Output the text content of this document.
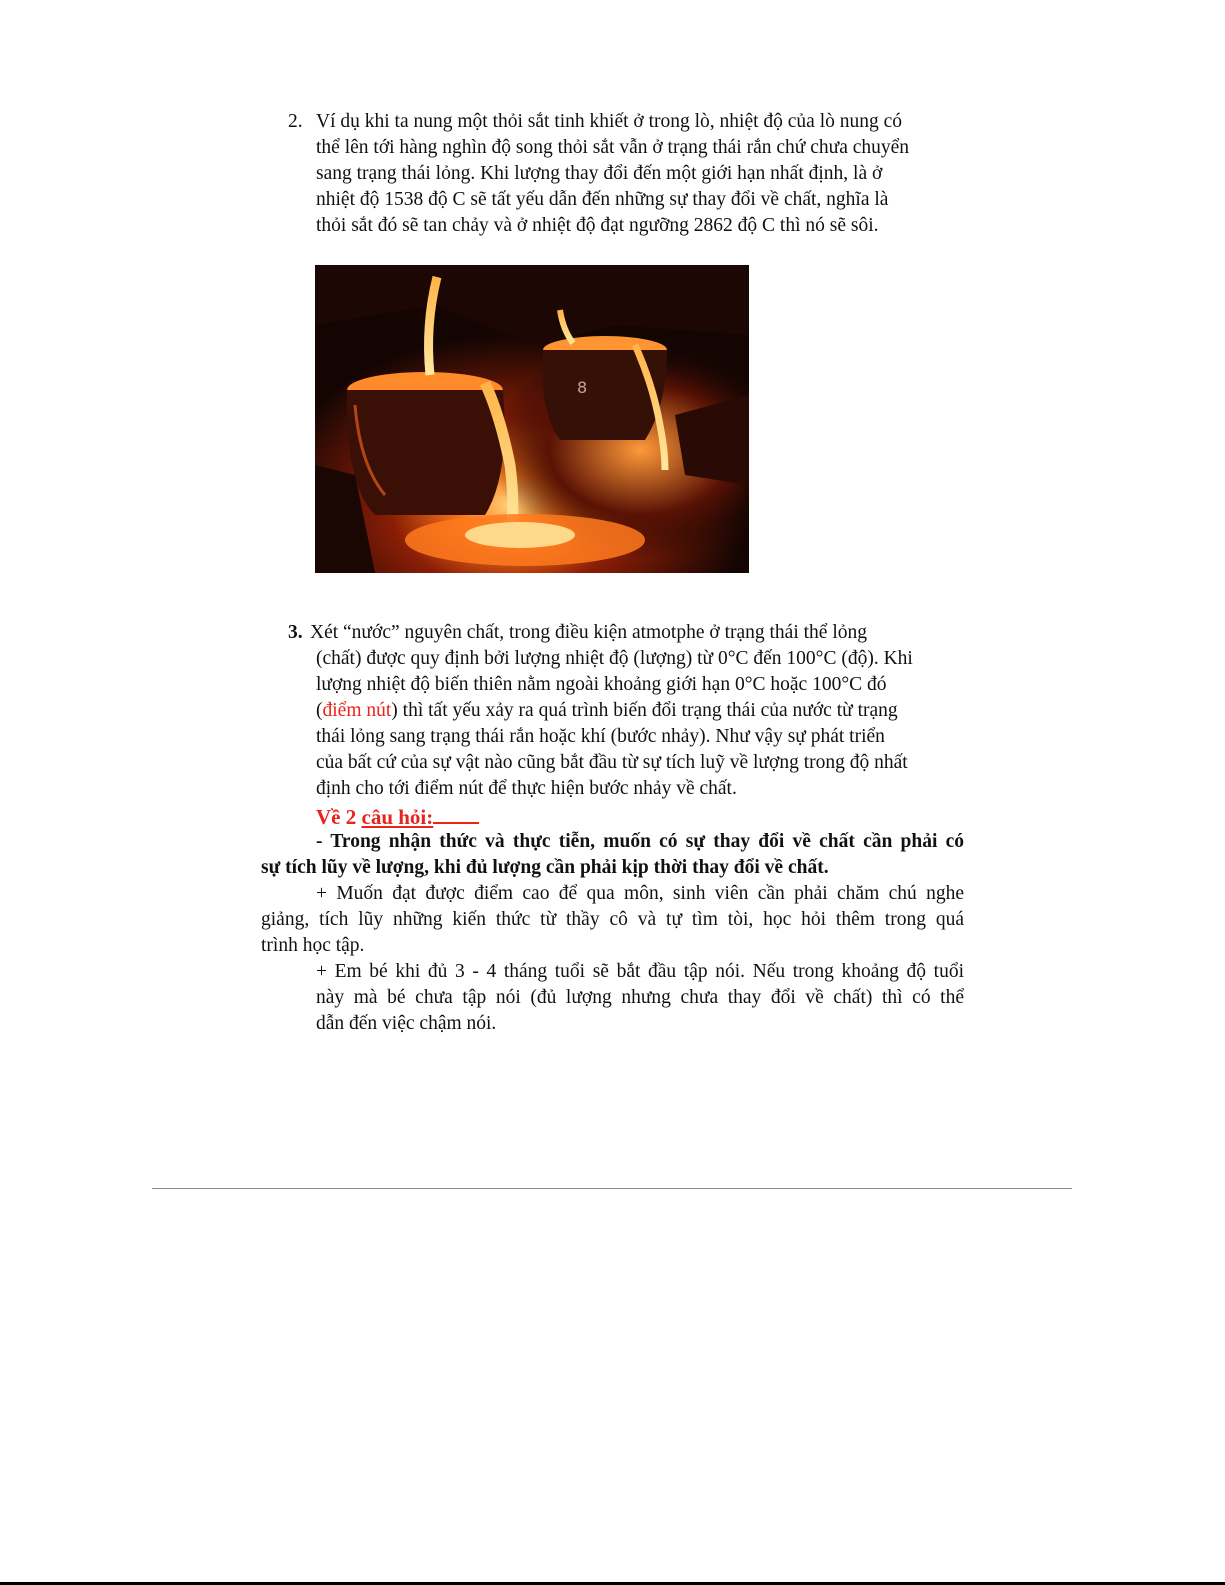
2. Ví dụ khi ta nung một thỏi sắt tinh khiết ở trong lò, nhiệt độ của lò nung có
thể lên tới hàng nghìn độ song thỏi sắt vẫn ở trạng thái rắn chứ chưa chuyển
sang trạng thái lỏng. Khi lượng thay đổi đến một giới hạn nhất định, là ở
nhiệt độ 1538 độ C sẽ tất yếu dẫn đến những sự thay đổi về chất, nghĩa là
thỏi sắt đó sẽ tan chảy và ở nhiệt độ đạt ngưỡng 2862 độ C thì nó sẽ sôi.
8
3. Xét “nước” nguyên chất, trong điều kiện atmotphe ở trạng thái thể lỏng
(chất) được quy định bởi lượng nhiệt độ (lượng) từ 0°C đến 100°C (độ). Khi
lượng nhiệt độ biến thiên nằm ngoài khoảng giới hạn 0°C hoặc 100°C đó
(điểm nút) thì tất yếu xảy ra quá trình biến đổi trạng thái của nước từ trạng
thái lỏng sang trạng thái rắn hoặc khí (bước nhảy). Như vậy sự phát triển
của bất cứ của sự vật nào cũng bắt đầu từ sự tích luỹ về lượng trong độ nhất
định cho tới điểm nút để thực hiện bước nhảy về chất.
Về 2 câu hỏi:
- Trong nhận thức và thực tiễn, muốn có sự thay đổi về chất cần phải có
sự tích lũy về lượng, khi đủ lượng cần phải kịp thời thay đổi về chất.
+ Muốn đạt được điểm cao để qua môn, sinh viên cần phải chăm chú nghe
giảng, tích lũy những kiến thức từ thầy cô và tự tìm tòi, học hỏi thêm trong quá
trình học tập.
+ Em bé khi đủ 3 - 4 tháng tuổi sẽ bắt đầu tập nói. Nếu trong khoảng độ tuổi
này mà bé chưa tập nói (đủ lượng nhưng chưa thay đổi về chất) thì có thể
dẫn đến việc chậm nói.
